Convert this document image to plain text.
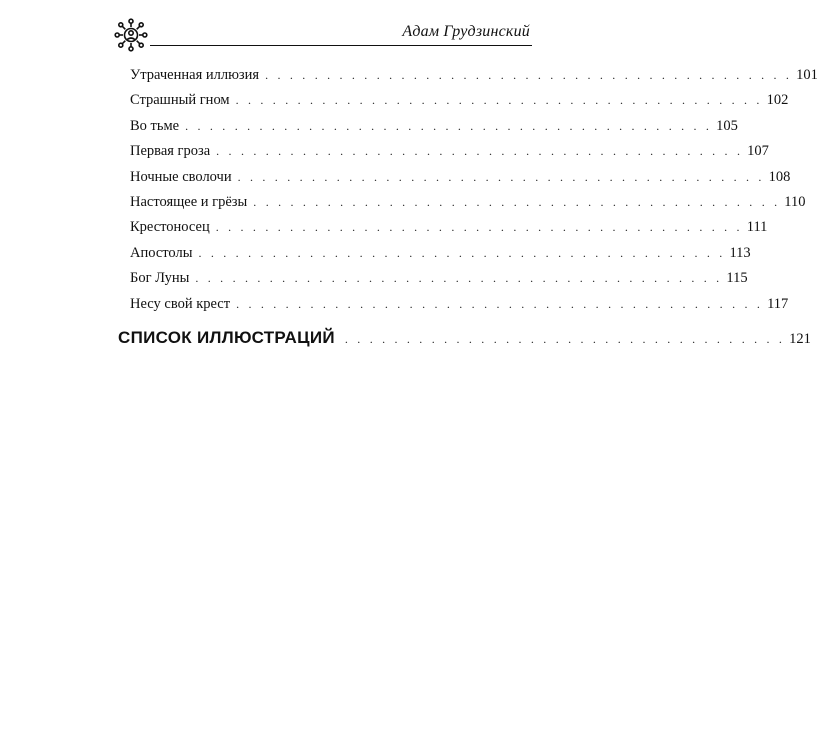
Адам Грудзинский
Утраченная иллюзия . . . . . . . . . . . . . . . . . . . . . . . . . . . . . . . . . . . . . . . . . . . 101
Страшный гном . . . . . . . . . . . . . . . . . . . . . . . . . . . . . . . . . . . . . . . . . . . 102
Во тьме . . . . . . . . . . . . . . . . . . . . . . . . . . . . . . . . . . . . . . . . . . . 105
Первая гроза . . . . . . . . . . . . . . . . . . . . . . . . . . . . . . . . . . . . . . . . . . . 107
Ночные сволочи . . . . . . . . . . . . . . . . . . . . . . . . . . . . . . . . . . . . . . . . . . . 108
Настоящее и грёзы . . . . . . . . . . . . . . . . . . . . . . . . . . . . . . . . . . . . . . . . . . . 110
Крестоносец . . . . . . . . . . . . . . . . . . . . . . . . . . . . . . . . . . . . . . . . . . . 111
Апостолы . . . . . . . . . . . . . . . . . . . . . . . . . . . . . . . . . . . . . . . . . . . 113
Бог Луны . . . . . . . . . . . . . . . . . . . . . . . . . . . . . . . . . . . . . . . . . . . 115
Несу свой крест . . . . . . . . . . . . . . . . . . . . . . . . . . . . . . . . . . . . . . . . . . . 117
СПИСОК ИЛЛЮСТРАЦИЙ . . . . . . . . . . . . . . . . . . . . . . . . . . . . . . . . . . . . 121
